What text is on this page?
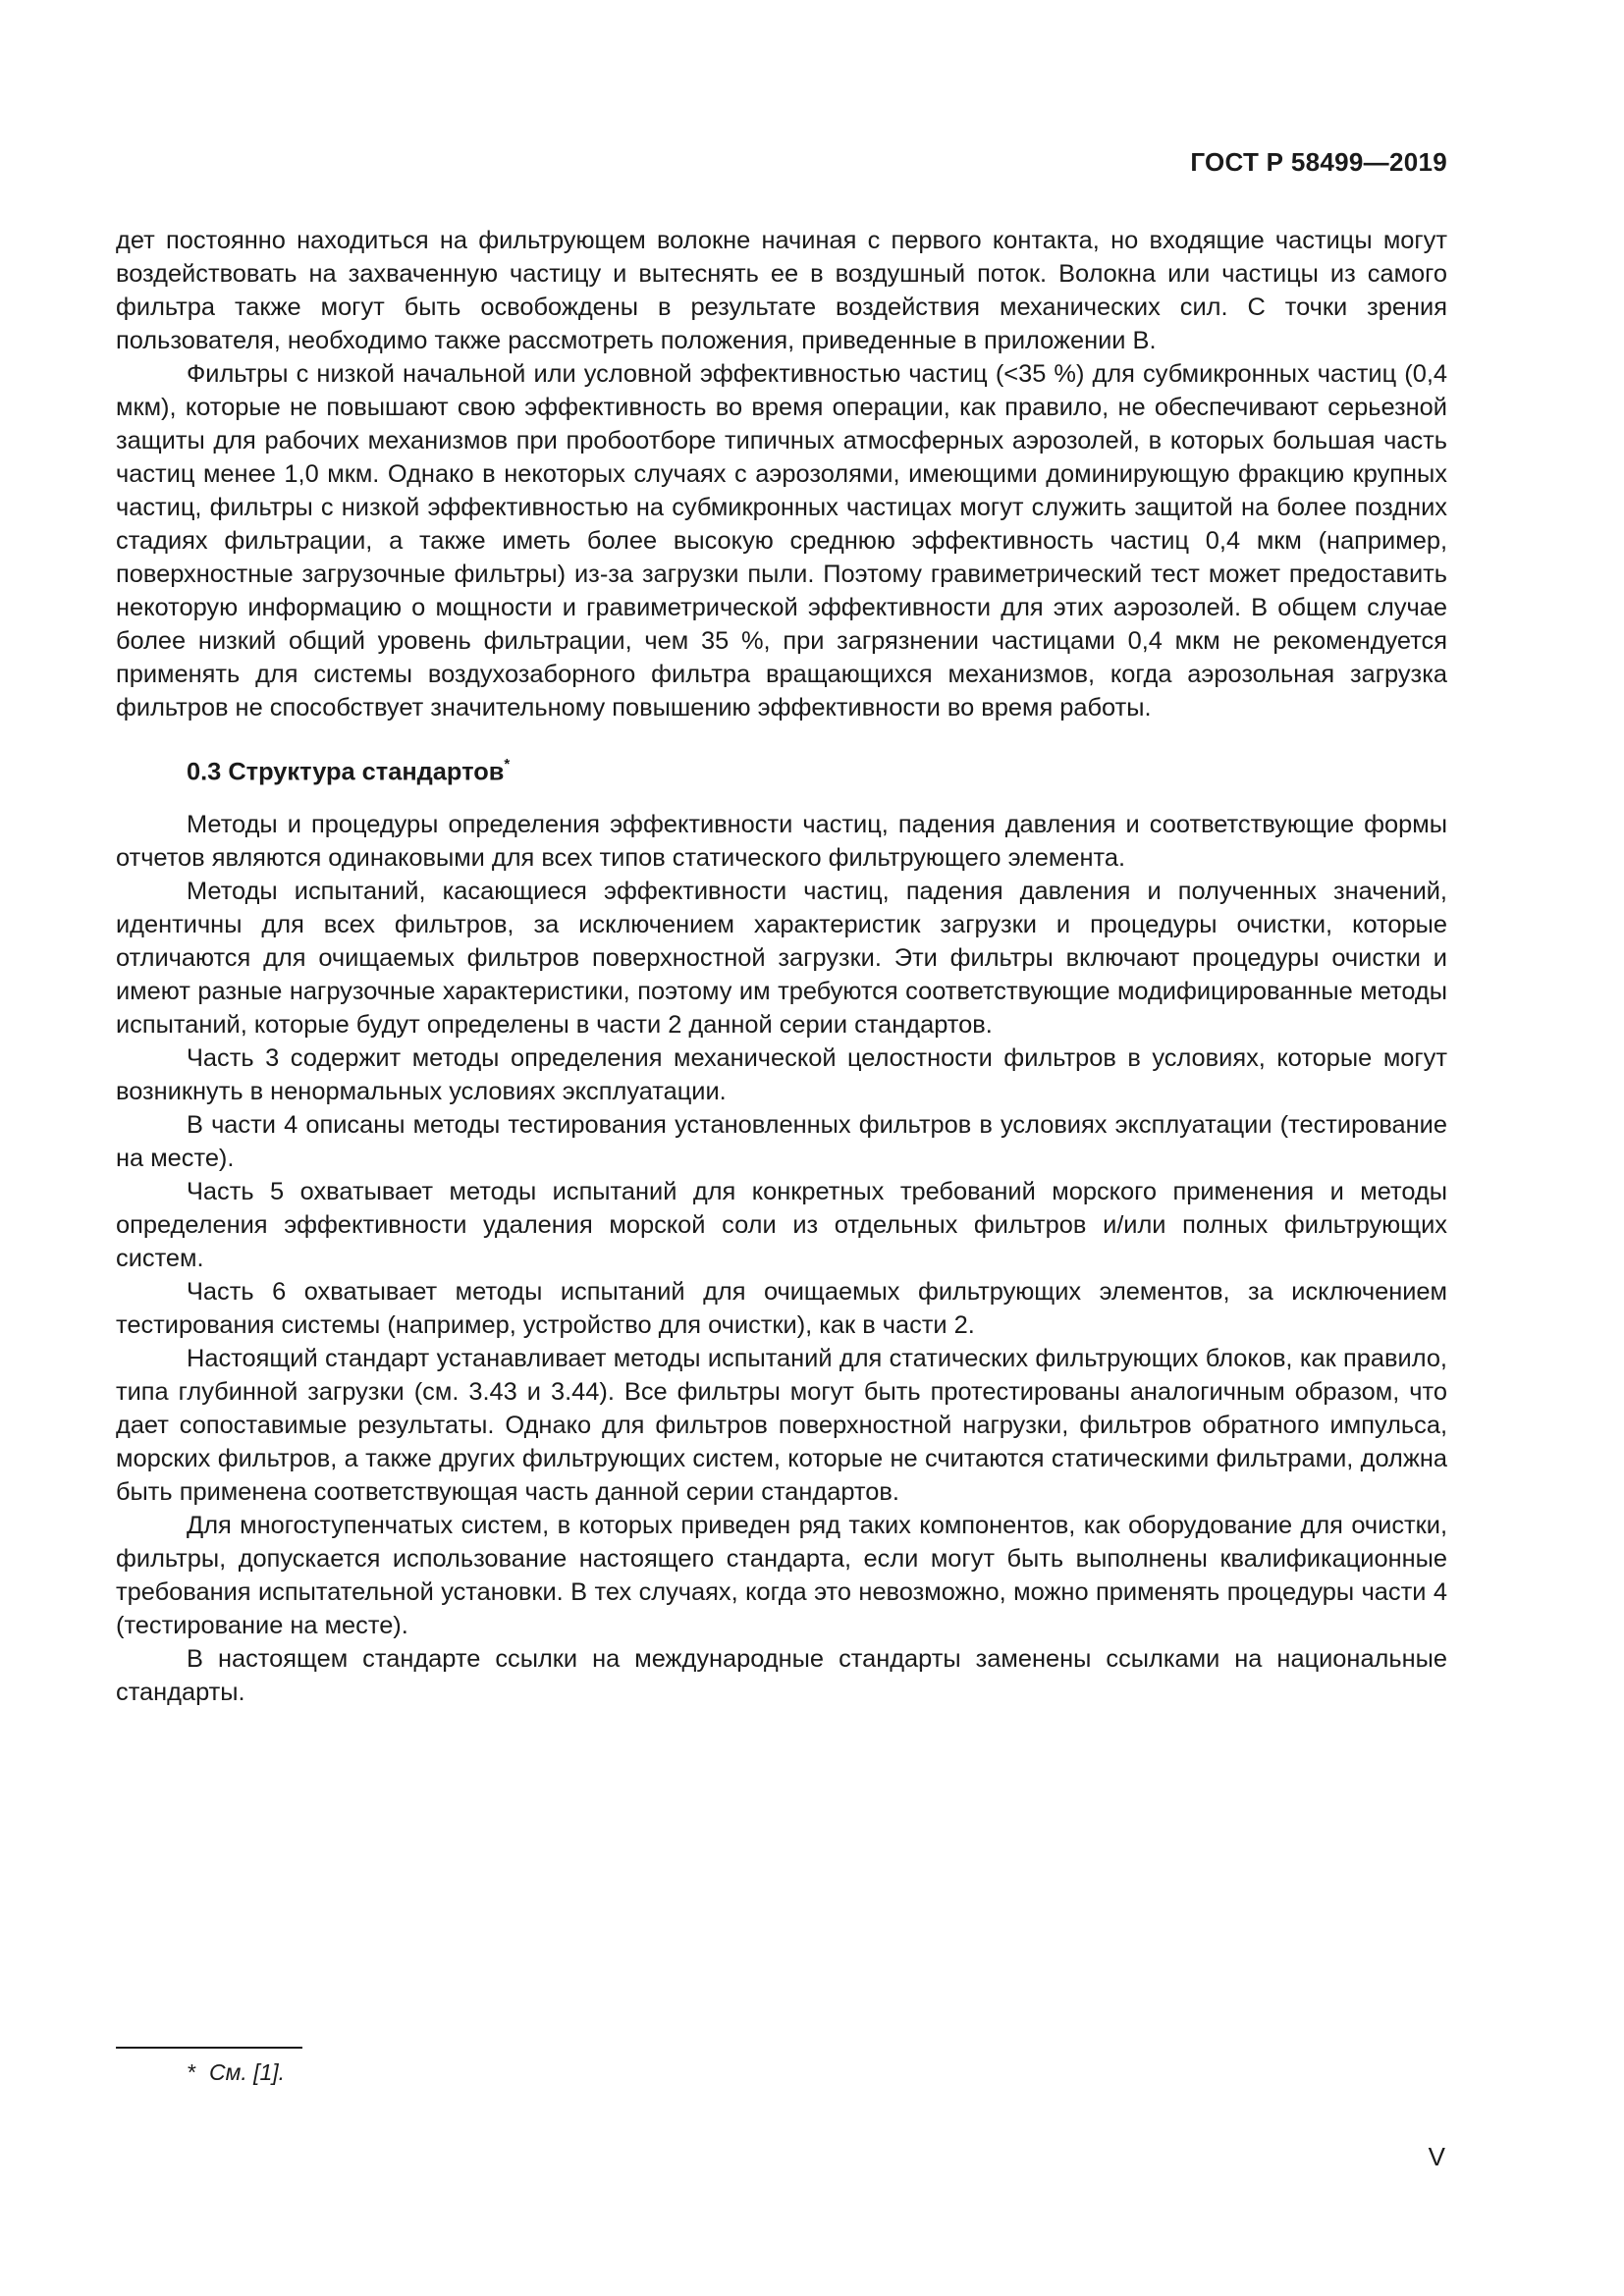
ГОСТ Р 58499—2019

дет постоянно находиться на фильтрующем волокне начиная с первого контакта, но входящие частицы могут воздействовать на захваченную частицу и вытеснять ее в воздушный поток. Волокна или частицы из самого фильтра также могут быть освобождены в результате воздействия механических сил. С точки зрения пользователя, необходимо также рассмотреть положения, приведенные в приложении В.

Фильтры с низкой начальной или условной эффективностью частиц (<35 %) для субмикронных частиц (0,4 мкм), которые не повышают свою эффективность во время операции, как правило, не обеспечивают серьезной защиты для рабочих механизмов при пробоотборе типичных атмосферных аэрозолей, в которых большая часть частиц менее 1,0 мкм. Однако в некоторых случаях с аэрозолями, имеющими доминирующую фракцию крупных частиц, фильтры с низкой эффективностью на субмикронных частицах могут служить защитой на более поздних стадиях фильтрации, а также иметь более высокую среднюю эффективность частиц 0,4 мкм (например, поверхностные загрузочные фильтры) из-за загрузки пыли. Поэтому гравиметрический тест может предоставить некоторую информацию о мощности и гравиметрической эффективности для этих аэрозолей. В общем случае более низкий общий уровень фильтрации, чем 35 %, при загрязнении частицами 0,4 мкм не рекомендуется применять для системы воздухозаборного фильтра вращающихся механизмов, когда аэрозольная загрузка фильтров не способствует значительному повышению эффективности во время работы.

0.3 Структура стандартов*

Методы и процедуры определения эффективности частиц, падения давления и соответствующие формы отчетов являются одинаковыми для всех типов статического фильтрующего элемента.

Методы испытаний, касающиеся эффективности частиц, падения давления и полученных значений, идентичны для всех фильтров, за исключением характеристик загрузки и процедуры очистки, которые отличаются для очищаемых фильтров поверхностной загрузки. Эти фильтры включают процедуры очистки и имеют разные нагрузочные характеристики, поэтому им требуются соответствующие модифицированные методы испытаний, которые будут определены в части 2 данной серии стандартов.

Часть 3 содержит методы определения механической целостности фильтров в условиях, которые могут возникнуть в ненормальных условиях эксплуатации.

В части 4 описаны методы тестирования установленных фильтров в условиях эксплуатации (тестирование на месте).

Часть 5 охватывает методы испытаний для конкретных требований морского применения и методы определения эффективности удаления морской соли из отдельных фильтров и/или полных фильтрующих систем.

Часть 6 охватывает методы испытаний для очищаемых фильтрующих элементов, за исключением тестирования системы (например, устройство для очистки), как в части 2.

Настоящий стандарт устанавливает методы испытаний для статических фильтрующих блоков, как правило, типа глубинной загрузки (см. 3.43 и 3.44). Все фильтры могут быть протестированы аналогичным образом, что дает сопоставимые результаты. Однако для фильтров поверхностной нагрузки, фильтров обратного импульса, морских фильтров, а также других фильтрующих систем, которые не считаются статическими фильтрами, должна быть применена соответствующая часть данной серии стандартов.

Для многоступенчатых систем, в которых приведен ряд таких компонентов, как оборудование для очистки, фильтры, допускается использование настоящего стандарта, если могут быть выполнены квалификационные требования испытательной установки. В тех случаях, когда это невозможно, можно применять процедуры части 4 (тестирование на месте).

В настоящем стандарте ссылки на международные стандарты заменены ссылками на национальные стандарты.

* См. [1].
V
